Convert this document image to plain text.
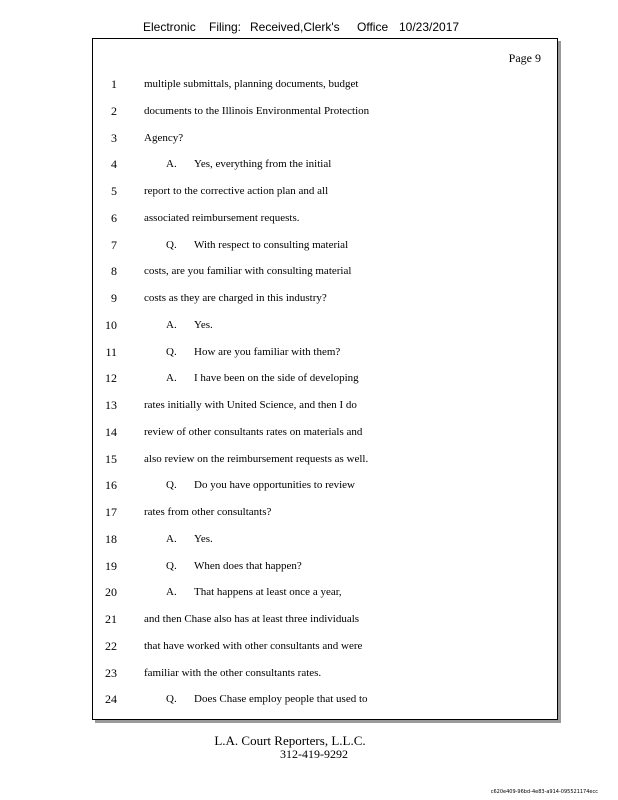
Electronic Filing: Received,Clerk's Office 10/23/2017
Page 9
1 multiple submittals, planning documents, budget
2 documents to the Illinois Environmental Protection
3 Agency?
4	A. Yes, everything from the initial
5 report to the corrective action plan and all
6 associated reimbursement requests.
7	Q. With respect to consulting material
8 costs, are you familiar with consulting material
9 costs as they are charged in this industry?
10	A. Yes.
11	Q. How are you familiar with them?
12	A. I have been on the side of developing
13 rates initially with United Science, and then I do
14 review of other consultants rates on materials and
15 also review on the reimbursement requests as well.
16	Q. Do you have opportunities to review
17 rates from other consultants?
18	A. Yes.
19	Q. When does that happen?
20	A. That happens at least once a year,
21 and then Chase also has at least three individuals
22 that have worked with other consultants and were
23 familiar with the other consultants rates.
24	Q. Does Chase employ people that used to
L.A. Court Reporters, L.L.C.
312-419-9292
c620e409-96bd-4e83-a914-095521174ecc
